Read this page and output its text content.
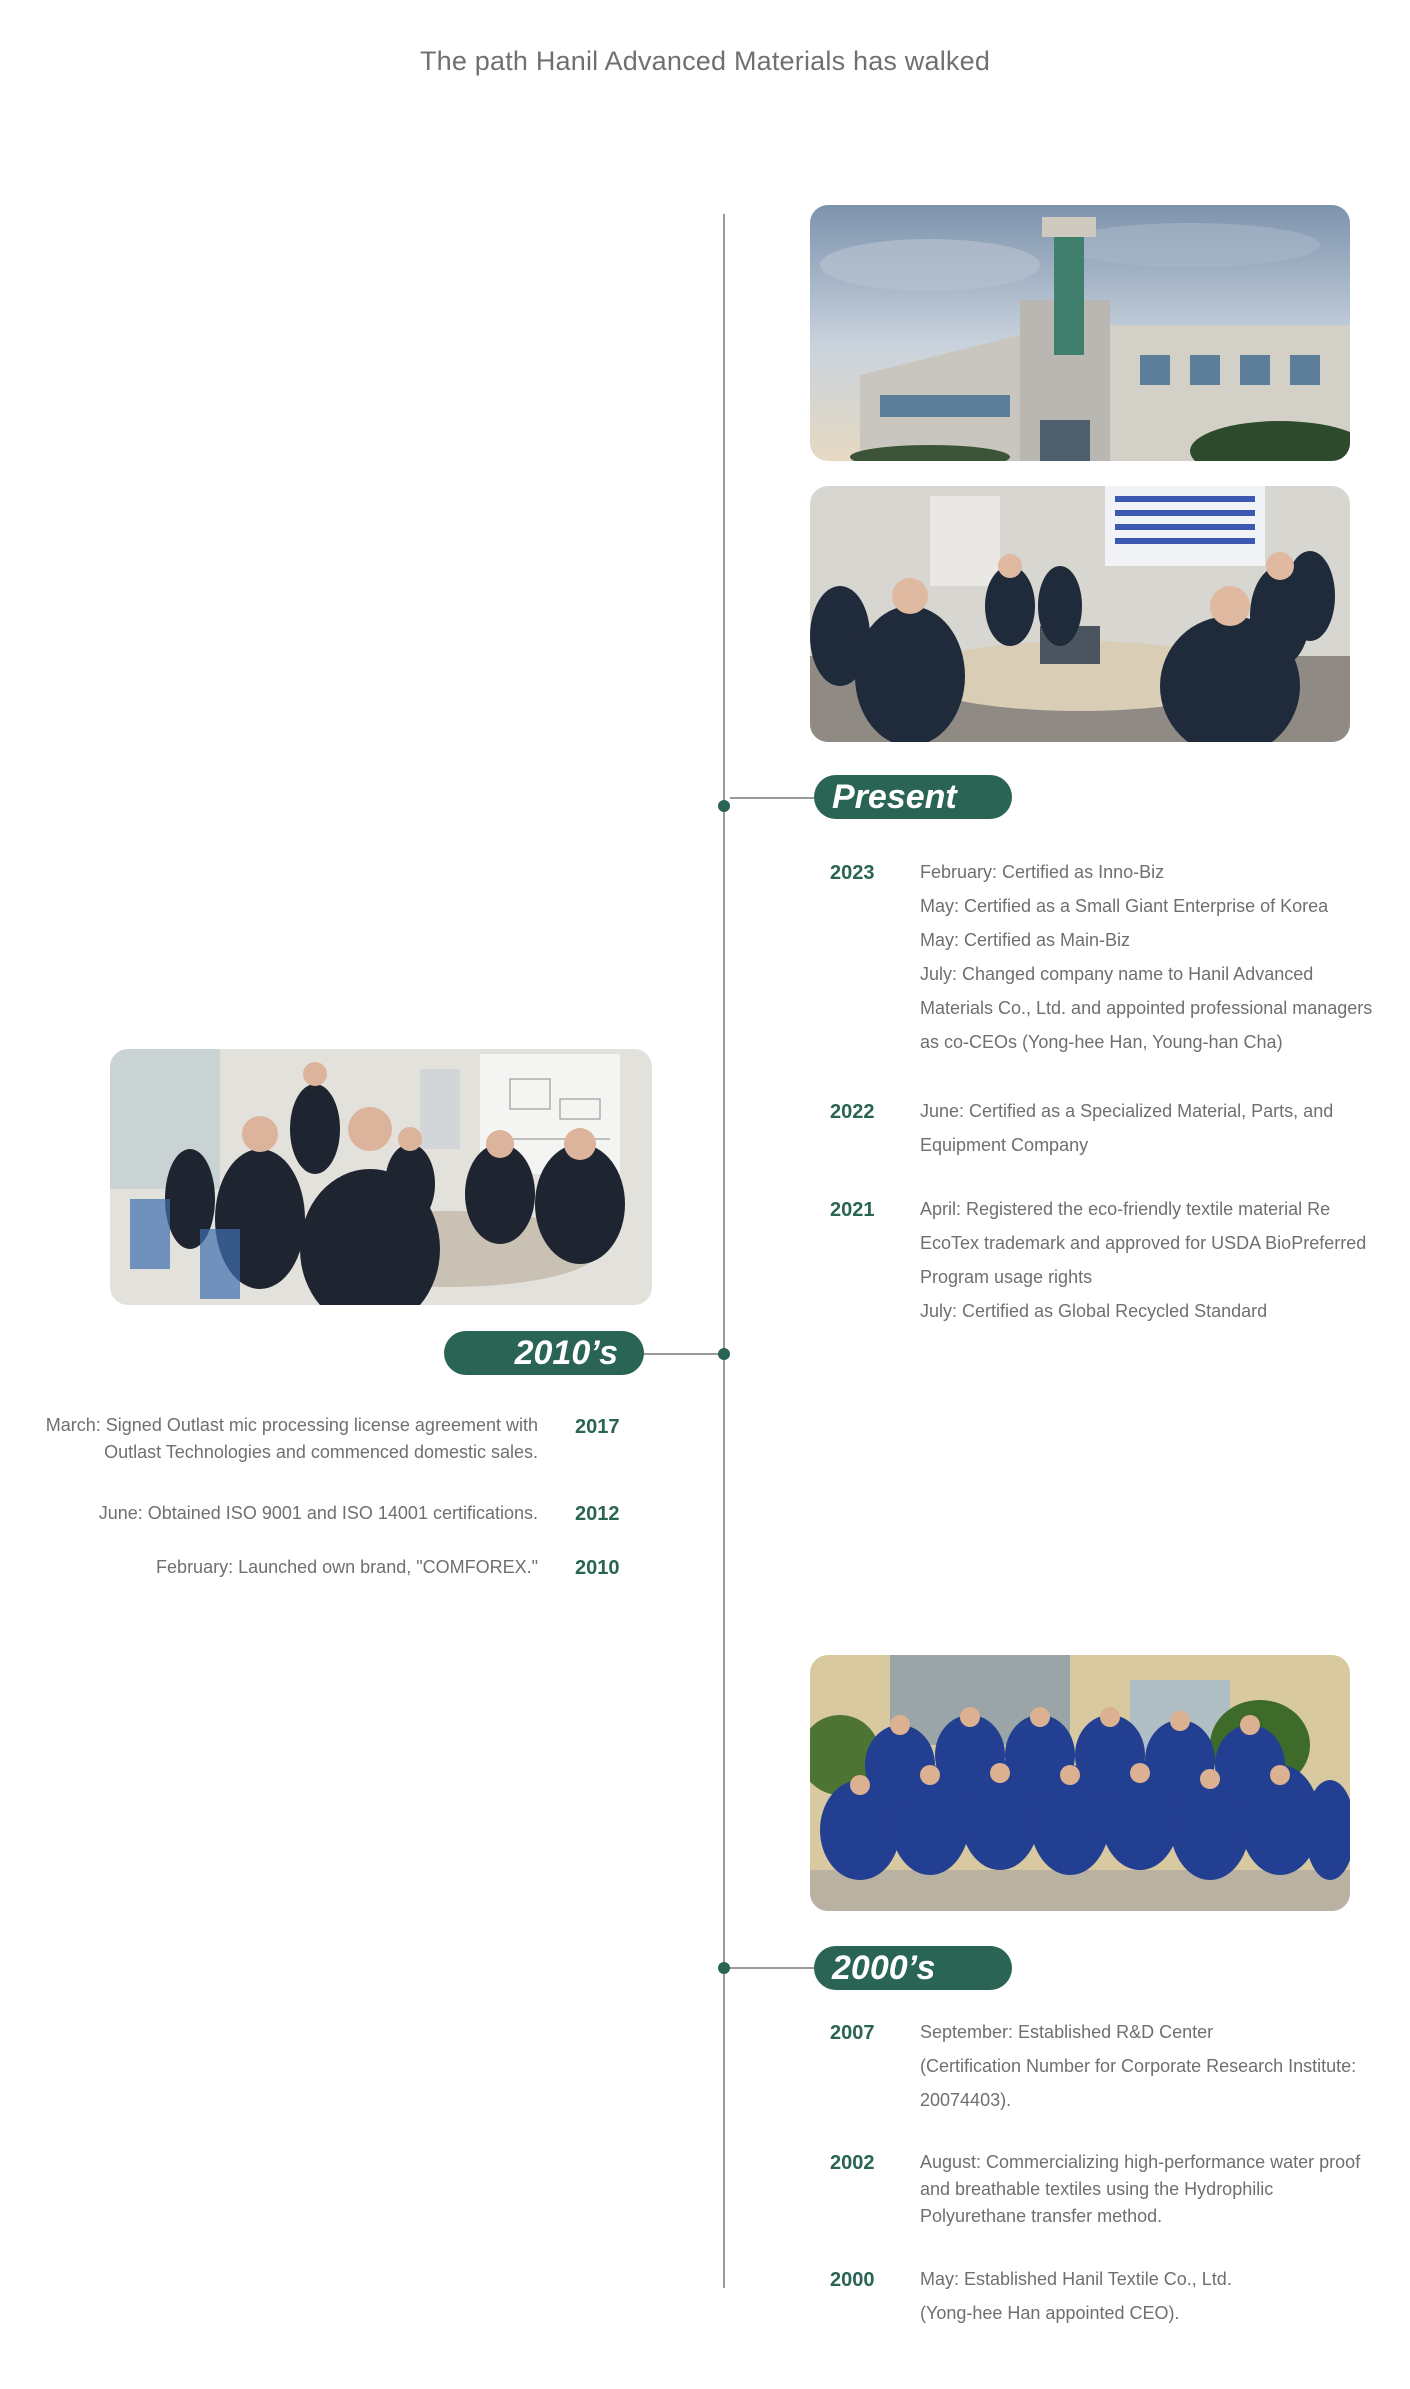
The path Hanil Advanced Materials has walked
Present
2023	February: Certified as Inno-Biz
May: Certified as a Small Giant Enterprise of Korea
May: Certified as Main-Biz
July: Changed company name to Hanil Advanced
Materials Co., Ltd. and appointed professional managers
as co-CEOs (Yong-hee Han, Young-han Cha)
2022	June: Certified as a Specialized Material, Parts, and
Equipment Company
2021	April: Registered the eco-friendly textile material Re
EcoTex trademark and approved for USDA BioPreferred
Program usage rights
July: Certified as Global Recycled Standard
2010’s
2017
March: Signed Outlast mic processing license agreement with
Outlast Technologies and commenced domestic sales.
2012
June: Obtained ISO 9001 and ISO 14001 certifications.
2010
February: Launched own brand, "COMFOREX."
2000’s
2007	September: Established R&D Center
(Certification Number for Corporate Research Institute:
20074403).
2002	August: Commercializing high-performance water proof
and breathable textiles using the Hydrophilic
Polyurethane transfer method.
2000	May: Established Hanil Textile Co., Ltd.
(Yong-hee Han appointed CEO).
